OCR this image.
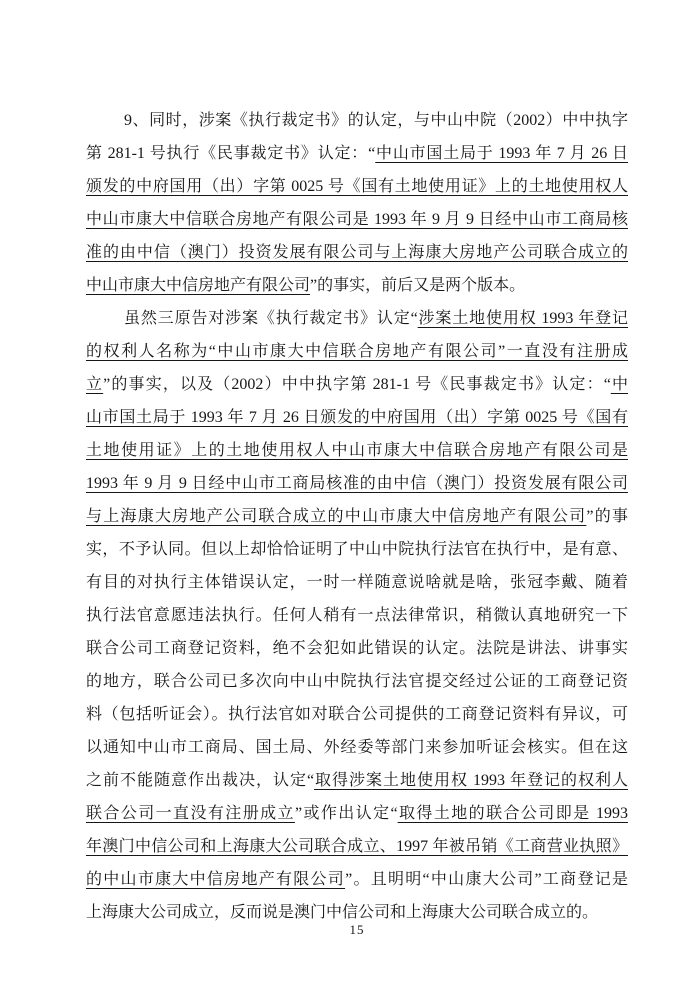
9、同时，涉案《执行裁定书》的认定，与中山中院（2002）中中执字
第 281-1 号执行《民事裁定书》认定：“中山市国土局于 1993 年 7 月 26 日
颁发的中府国用（出）字第 0025 号《国有土地使用证》上的土地使用权人
中山市康大中信联合房地产有限公司是 1993 年 9 月 9 日经中山市工商局核
准的由中信（澳门）投资发展有限公司与上海康大房地产公司联合成立的
中山市康大中信房地产有限公司”的事实，前后又是两个版本。
虽然三原告对涉案《执行裁定书》认定“涉案土地使用权 1993 年登记
的权利人名称为“中山市康大中信联合房地产有限公司”一直没有注册成
立”的事实，以及（2002）中中执字第 281-1 号《民事裁定书》认定：“中
山市国土局于 1993 年 7 月 26 日颁发的中府国用（出）字第 0025 号《国有
土地使用证》上的土地使用权人中山市康大中信联合房地产有限公司是
1993 年 9 月 9 日经中山市工商局核准的由中信（澳门）投资发展有限公司
与上海康大房地产公司联合成立的中山市康大中信房地产有限公司”的事
实，不予认同。但以上却恰恰证明了中山中院执行法官在执行中，是有意、
有目的对执行主体错误认定，一时一样随意说啥就是啥，张冠李戴、随着
执行法官意愿违法执行。任何人稍有一点法律常识，稍微认真地研究一下
联合公司工商登记资料，绝不会犯如此错误的认定。法院是讲法、讲事实
的地方，联合公司已多次向中山中院执行法官提交经过公证的工商登记资
料（包括听证会）。执行法官如对联合公司提供的工商登记资料有异议，可
以通知中山市工商局、国土局、外经委等部门来参加听证会核实。但在这
之前不能随意作出裁决，认定“取得涉案土地使用权 1993 年登记的权利人
联合公司一直没有注册成立”或作出认定“取得土地的联合公司即是 1993
年澳门中信公司和上海康大公司联合成立、1997 年被吊销《工商营业执照》
的中山市康大中信房地产有限公司”。且明明“中山康大公司”工商登记是
上海康大公司成立，反而说是澳门中信公司和上海康大公司联合成立的。
15
